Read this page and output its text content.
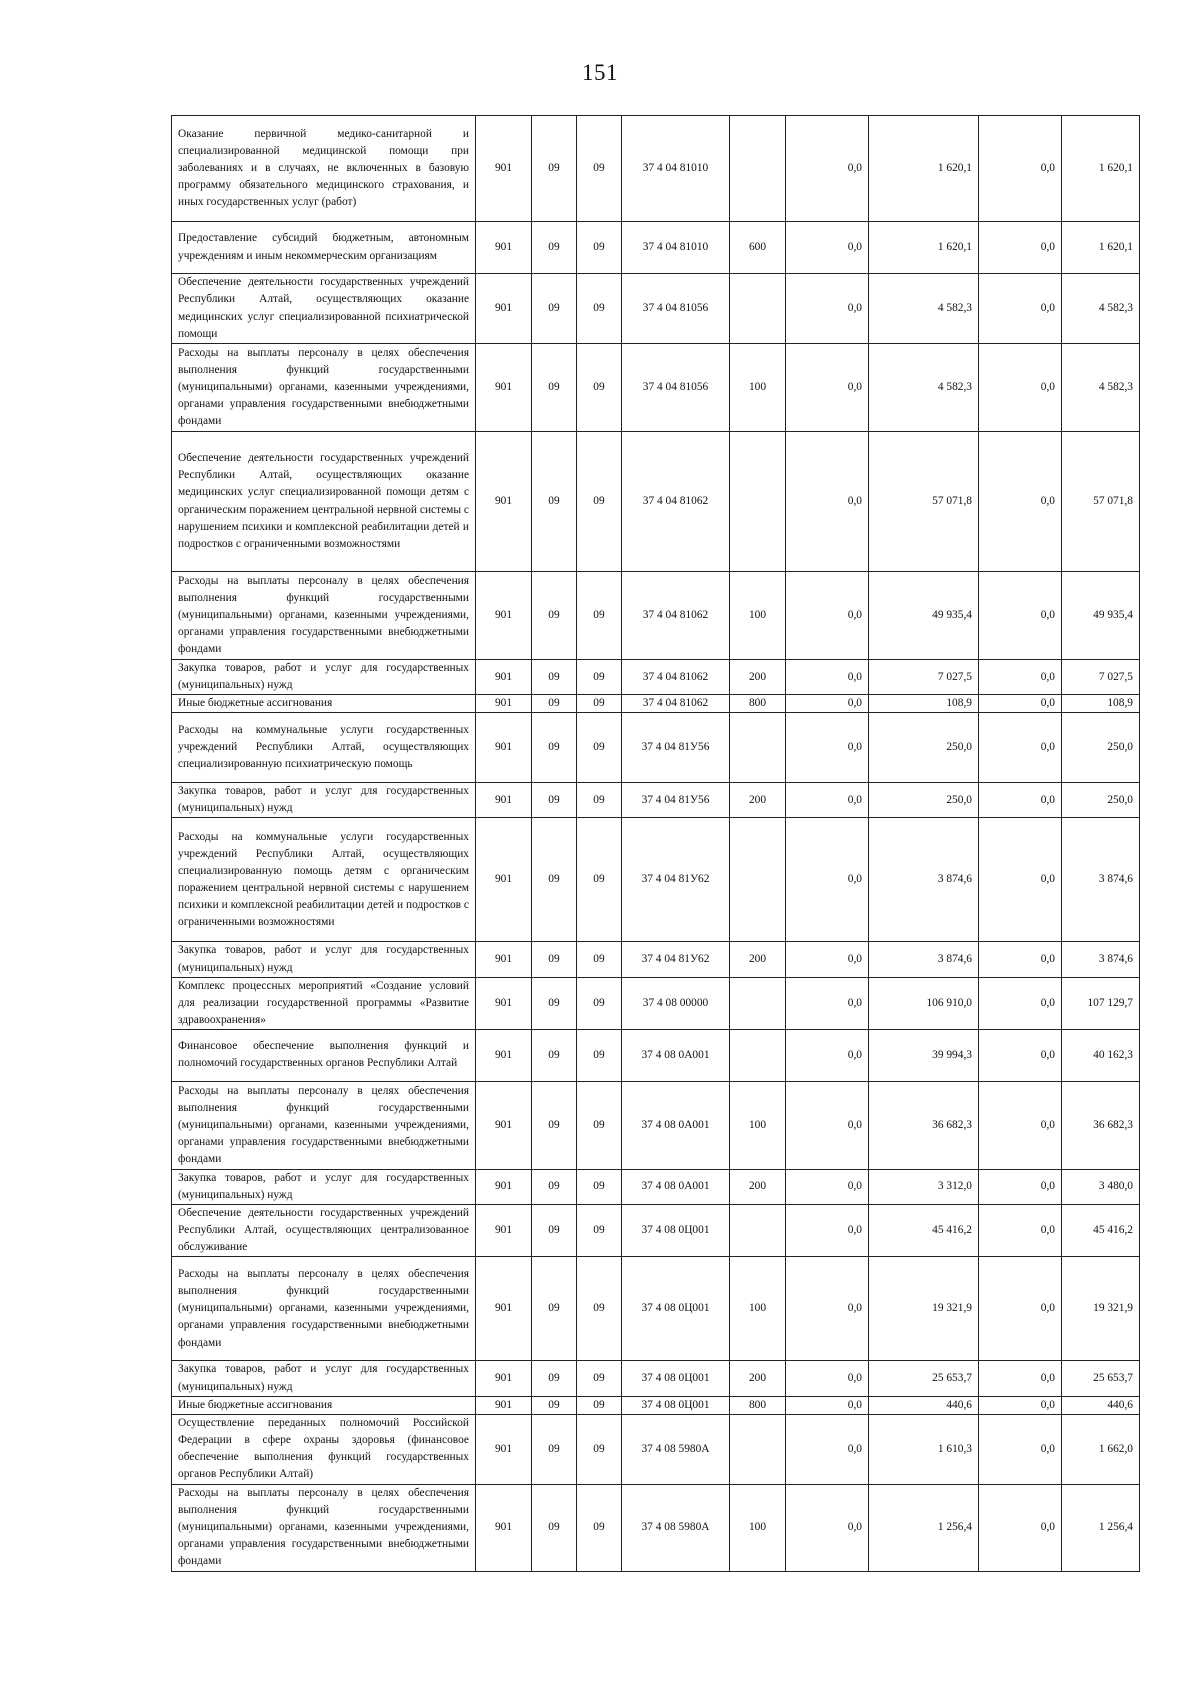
151
Оказание первичной медико-санитарной и специализированной медицинской помощи при заболеваниях и в случаях, не включенных в базовую программу обязательного медицинского страхования, и иных государственных услуг (работ)	901	09	09	37 4 04 81010		0,0	1 620,1	0,0	1 620,1
Предоставление субсидий бюджетным, автономным учреждениям и иным некоммерческим организациям	901	09	09	37 4 04 81010	600	0,0	1 620,1	0,0	1 620,1
Обеспечение деятельности государственных учреждений Республики Алтай, осуществляющих оказание медицинских услуг специализированной психиатрической помощи	901	09	09	37 4 04 81056		0,0	4 582,3	0,0	4 582,3
Расходы на выплаты персоналу в целях обеспечения выполнения функций государственными (муниципальными) органами, казенными учреждениями, органами управления государственными внебюджетными фондами	901	09	09	37 4 04 81056	100	0,0	4 582,3	0,0	4 582,3
Обеспечение деятельности государственных учреждений Республики Алтай, осуществляющих оказание медицинских услуг специализированной помощи детям с органическим поражением центральной нервной системы с нарушением психики и комплексной реабилитации детей и подростков с ограниченными возможностями	901	09	09	37 4 04 81062		0,0	57 071,8	0,0	57 071,8
Расходы на выплаты персоналу в целях обеспечения выполнения функций государственными (муниципальными) органами, казенными учреждениями, органами управления государственными внебюджетными фондами	901	09	09	37 4 04 81062	100	0,0	49 935,4	0,0	49 935,4
Закупка товаров, работ и услуг для государственных (муниципальных) нужд	901	09	09	37 4 04 81062	200	0,0	7 027,5	0,0	7 027,5
Иные бюджетные ассигнования	901	09	09	37 4 04 81062	800	0,0	108,9	0,0	108,9
Расходы на коммунальные услуги государственных учреждений Республики Алтай, осуществляющих специализированную психиатрическую помощь	901	09	09	37 4 04 81У56		0,0	250,0	0,0	250,0
Закупка товаров, работ и услуг для государственных (муниципальных) нужд	901	09	09	37 4 04 81У56	200	0,0	250,0	0,0	250,0
Расходы на коммунальные услуги государственных учреждений Республики Алтай, осуществляющих специализированную помощь детям с органическим поражением центральной нервной системы с нарушением психики и комплексной реабилитации детей и подростков с ограниченными возможностями	901	09	09	37 4 04 81У62		0,0	3 874,6	0,0	3 874,6
Закупка товаров, работ и услуг для государственных (муниципальных) нужд	901	09	09	37 4 04 81У62	200	0,0	3 874,6	0,0	3 874,6
Комплекс процессных мероприятий «Создание условий для реализации государственной программы «Развитие здравоохранения»	901	09	09	37 4 08 00000		0,0	106 910,0	0,0	107 129,7
Финансовое обеспечение выполнения функций и полномочий государственных органов Республики Алтай	901	09	09	37 4 08 0А001		0,0	39 994,3	0,0	40 162,3
Расходы на выплаты персоналу в целях обеспечения выполнения функций государственными (муниципальными) органами, казенными учреждениями, органами управления государственными внебюджетными фондами	901	09	09	37 4 08 0А001	100	0,0	36 682,3	0,0	36 682,3
Закупка товаров, работ и услуг для государственных (муниципальных) нужд	901	09	09	37 4 08 0А001	200	0,0	3 312,0	0,0	3 480,0
Обеспечение деятельности государственных учреждений Республики Алтай, осуществляющих централизованное обслуживание	901	09	09	37 4 08 0Ц001		0,0	45 416,2	0,0	45 416,2
Расходы на выплаты персоналу в целях обеспечения выполнения функций государственными (муниципальными) органами, казенными учреждениями, органами управления государственными внебюджетными фондами	901	09	09	37 4 08 0Ц001	100	0,0	19 321,9	0,0	19 321,9
Закупка товаров, работ и услуг для государственных (муниципальных) нужд	901	09	09	37 4 08 0Ц001	200	0,0	25 653,7	0,0	25 653,7
Иные бюджетные ассигнования	901	09	09	37 4 08 0Ц001	800	0,0	440,6	0,0	440,6
Осуществление переданных полномочий Российской Федерации в сфере охраны здоровья (финансовое обеспечение выполнения функций государственных органов Республики Алтай)	901	09	09	37 4 08 5980А		0,0	1 610,3	0,0	1 662,0
Расходы на выплаты персоналу в целях обеспечения выполнения функций государственными (муниципальными) органами, казенными учреждениями, органами управления государственными внебюджетными фондами	901	09	09	37 4 08 5980А	100	0,0	1 256,4	0,0	1 256,4
